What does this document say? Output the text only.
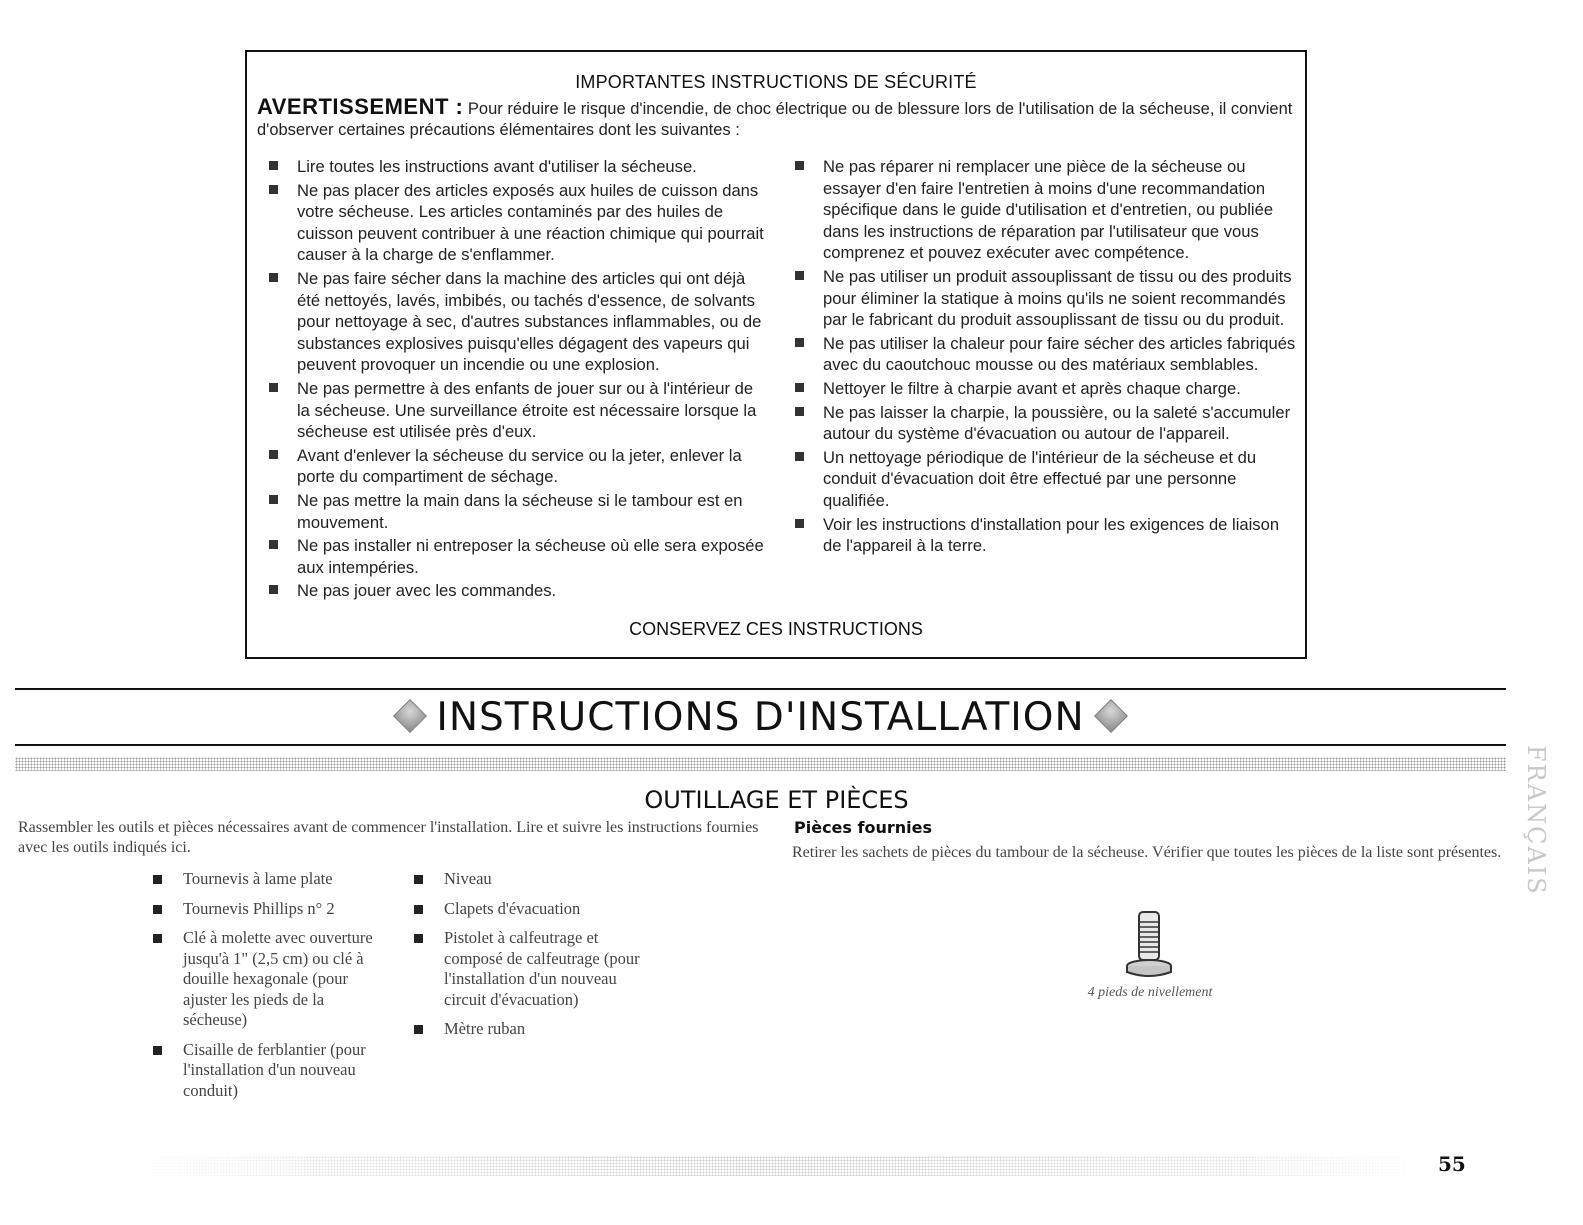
IMPORTANTES INSTRUCTIONS DE SÉCURITÉ
AVERTISSEMENT : Pour réduire le risque d'incendie, de choc électrique ou de blessure lors de l'utilisation de la sécheuse, il convient d'observer certaines précautions élémentaires dont les suivantes :
Lire toutes les instructions avant d'utiliser la sécheuse.
Ne pas placer des articles exposés aux huiles de cuisson dans votre sécheuse. Les articles contaminés par des huiles de cuisson peuvent contribuer à une réaction chimique qui pourrait causer à la charge de s'enflammer.
Ne pas faire sécher dans la machine des articles qui ont déjà été nettoyés, lavés, imbibés, ou tachés d'essence, de solvants pour nettoyage à sec, d'autres substances inflammables, ou de substances explosives puisqu'elles dégagent des vapeurs qui peuvent provoquer un incendie ou une explosion.
Ne pas permettre à des enfants de jouer sur ou à l'intérieur de la sécheuse. Une surveillance étroite est nécessaire lorsque la sécheuse est utilisée près d'eux.
Avant d'enlever la sécheuse du service ou la jeter, enlever la porte du compartiment de séchage.
Ne pas mettre la main dans la sécheuse si le tambour est en mouvement.
Ne pas installer ni entreposer la sécheuse où elle sera exposée aux intempéries.
Ne pas jouer avec les commandes.
Ne pas réparer ni remplacer une pièce de la sécheuse ou essayer d'en faire l'entretien à moins d'une recommandation spécifique dans le guide d'utilisation et d'entretien, ou publiée dans les instructions de réparation par l'utilisateur que vous comprenez et pouvez exécuter avec compétence.
Ne pas utiliser un produit assouplissant de tissu ou des produits pour éliminer la statique à moins qu'ils ne soient recommandés par le fabricant du produit assouplissant de tissu ou du produit.
Ne pas utiliser la chaleur pour faire sécher des articles fabriqués avec du caoutchouc mousse ou des matériaux semblables.
Nettoyer le filtre à charpie avant et après chaque charge.
Ne pas laisser la charpie, la poussière, ou la saleté s'accumuler autour du système d'évacuation ou autour de l'appareil.
Un nettoyage périodique de l'intérieur de la sécheuse et du conduit d'évacuation doit être effectué par une personne qualifiée.
Voir les instructions d'installation pour les exigences de liaison de l'appareil à la terre.
CONSERVEZ CES INSTRUCTIONS
INSTRUCTIONS D'INSTALLATION
FRANÇAIS
OUTILLAGE ET PIÈCES
Rassembler les outils et pièces nécessaires avant de commencer l'installation. Lire et suivre les instructions fournies avec les outils indiqués ici.
Tournevis à lame plate
Tournevis Phillips n° 2
Clé à molette avec ouverture jusqu'à 1" (2,5 cm) ou clé à douille hexagonale (pour ajuster les pieds de la sécheuse)
Cisaille de ferblantier (pour l'installation d'un nouveau conduit)
Niveau
Clapets d'évacuation
Pistolet à calfeutrage et composé de calfeutrage (pour l'installation d'un nouveau circuit d'évacuation)
Mètre ruban
Pièces fournies
Retirer les sachets de pièces du tambour de la sécheuse. Vérifier que toutes les pièces de la liste sont présentes.
4 pieds de nivellement
55
